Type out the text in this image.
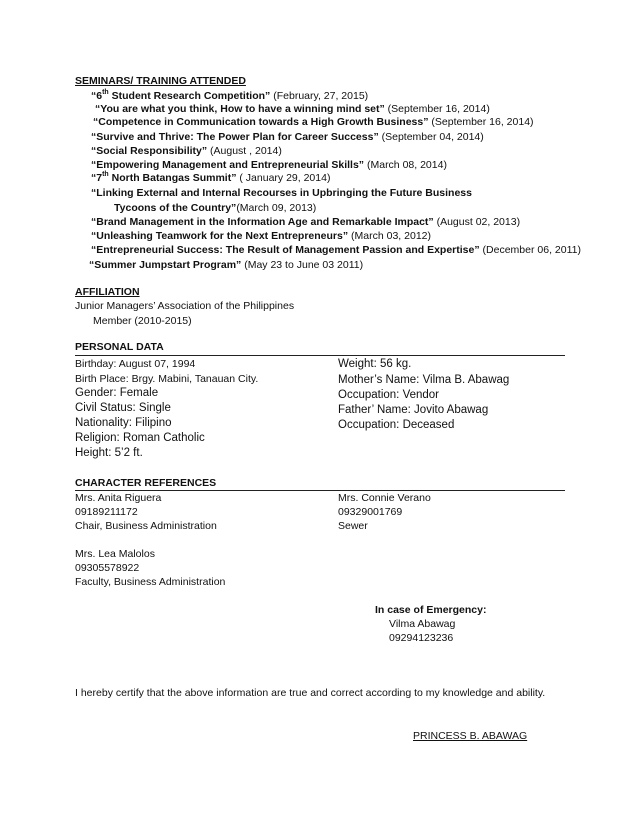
SEMINARS/ TRAINING ATTENDED
“6th Student Research Competition” (February, 27, 2015)
“You are what you think, How to have a winning mind set” (September 16, 2014)
“Competence in Communication towards a High Growth Business” (September 16, 2014)
“Survive and Thrive: The Power Plan for Career Success” (September 04, 2014)
“Social Responsibility” (August , 2014)
“Empowering Management and Entrepreneurial Skills” (March 08, 2014)
“7th North Batangas Summit” ( January 29, 2014)
“Linking External and Internal Recourses in Upbringing the Future Business
Tycoons of the Country”(March 09, 2013)
“Brand Management in the Information Age and Remarkable Impact” (August 02, 2013)
“Unleashing Teamwork for the Next Entrepreneurs” (March 03, 2012)
“Entrepreneurial Success: The Result of Management Passion and Expertise” (December 06, 2011)
“Summer Jumpstart Program” (May 23 to June 03 2011)
AFFILIATION
Junior Managers’ Association of the Philippines
Member (2010-2015)
PERSONAL DATA
Birthday: August 07, 1994
Birth Place: Brgy. Mabini, Tanauan City.
Gender: Female
Civil Status: Single
Nationality: Filipino
Religion: Roman Catholic
Height: 5’2 ft.
Weight: 56 kg.
Mother’s Name: Vilma B. Abawag
Occupation: Vendor
Father’ Name: Jovito Abawag
Occupation: Deceased
CHARACTER REFERENCES
Mrs. Anita Riguera
09189211172
Chair, Business Administration
Mrs. Connie Verano
09329001769
Sewer
Mrs. Lea Malolos
09305578922
Faculty, Business Administration
In case of Emergency:
Vilma Abawag
09294123236
I hereby certify that the above information are true and correct according to my knowledge and ability.
PRINCESS B. ABAWAG
